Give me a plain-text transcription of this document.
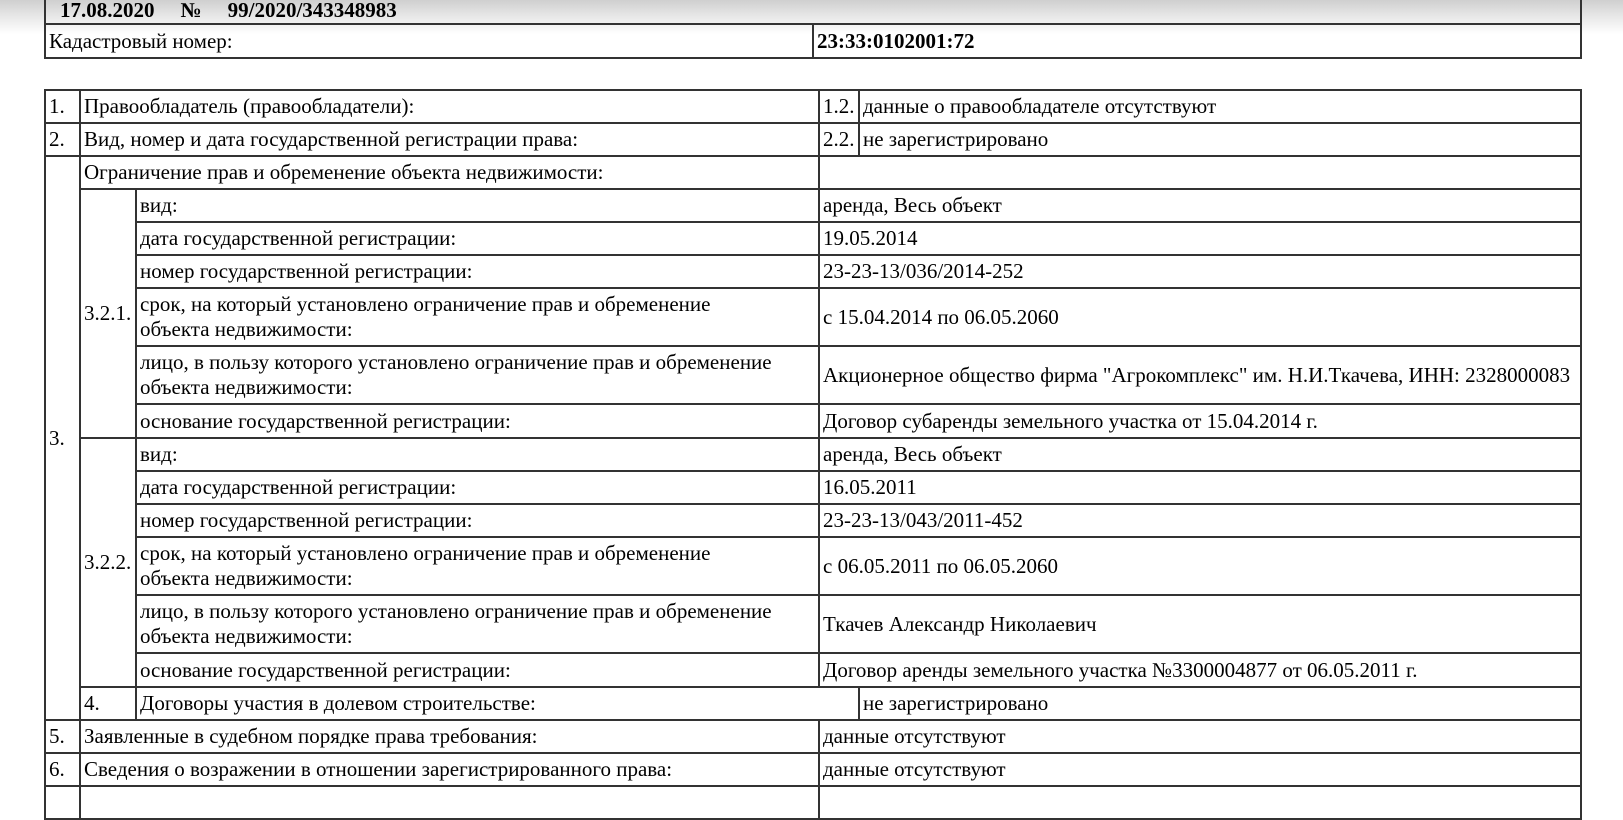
17.08.2020 № 99/2020/343348983
Кадастровый номер:	23:33:0102001:72
1.	Правообладатель (правообладатели):		1.2.	данные о правообладателе отсутствуют
2.	Вид, номер и дата государственной регистрации права:		2.2.	не зарегистрировано
3.	Ограничение прав и обременение объекта недвижимости:			
	3.2.1.	вид:	аренда, Весь объект	
		дата государственной регистрации:	19.05.2014	
		номер государственной регистрации:	23-23-13/036/2014-252	
		срок, на который установлено ограничение прав и обременение объекта недвижимости:	с 15.04.2014 по 06.05.2060	
		лицо, в пользу которого установлено ограничение прав и обременение объекта недвижимости:	Акционерное общество фирма "Агрокомплекс" им. Н.И.Ткачева, ИНН: 2328000083	
		основание государственной регистрации:	Договор субаренды земельного участка от 15.04.2014 г.	
	3.2.2.	вид:	аренда, Весь объект	
		дата государственной регистрации:	16.05.2011	
		номер государственной регистрации:	23-23-13/043/2011-452	
		срок, на который установлено ограничение прав и обременение объекта недвижимости:	с 06.05.2011 по 06.05.2060	
		лицо, в пользу которого установлено ограничение прав и обременение объекта недвижимости:	Ткачев Александр Николаевич	
		основание государственной регистрации:	Договор аренды земельного участка №3300004877 от 06.05.2011 г.	
	4.	Договоры участия в долевом строительстве:		не зарегистрировано
5.	Заявленные в судебном порядке права требования:		данные отсутствуют	
6.	Сведения о возражении в отношении зарегистрированного права:		данные отсутствуют	
